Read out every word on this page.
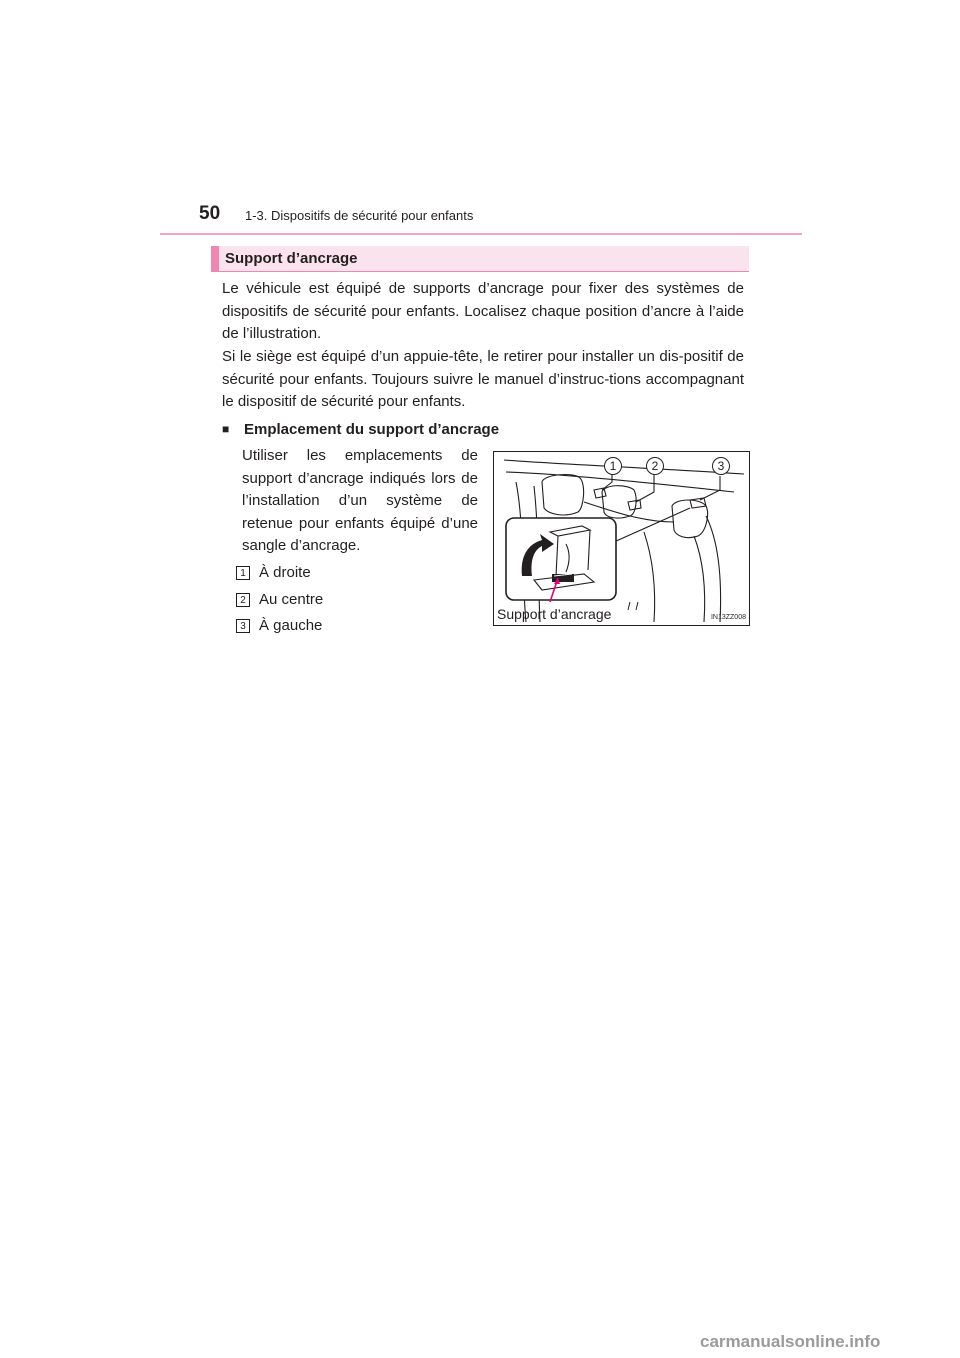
50 1-3. Dispositifs de sécurité pour enfants
Support d’ancrage

Le véhicule est équipé de supports d’ancrage pour fixer des systèmes de dispositifs de sécurité pour enfants. Localisez chaque position d’ancre à l’aide de l’illustration.

Si le siège est équipé d’un appuie-tête, le retirer pour installer un dis-positif de sécurité pour enfants. Toujours suivre le manuel d’instruc-tions accompagnant le dispositif de sécurité pour enfants.

■ Emplacement du support d’ancrage

Utiliser les emplacements de support d’ancrage indiqués lors de l’installation d’un système de retenue pour enfants équipé d’une sangle d’ancrage.

1 À droite
2 Au centre
3 À gauche
1	2	3
Support d’ancrage	IN13ZZ008
carmanualsonline.info
